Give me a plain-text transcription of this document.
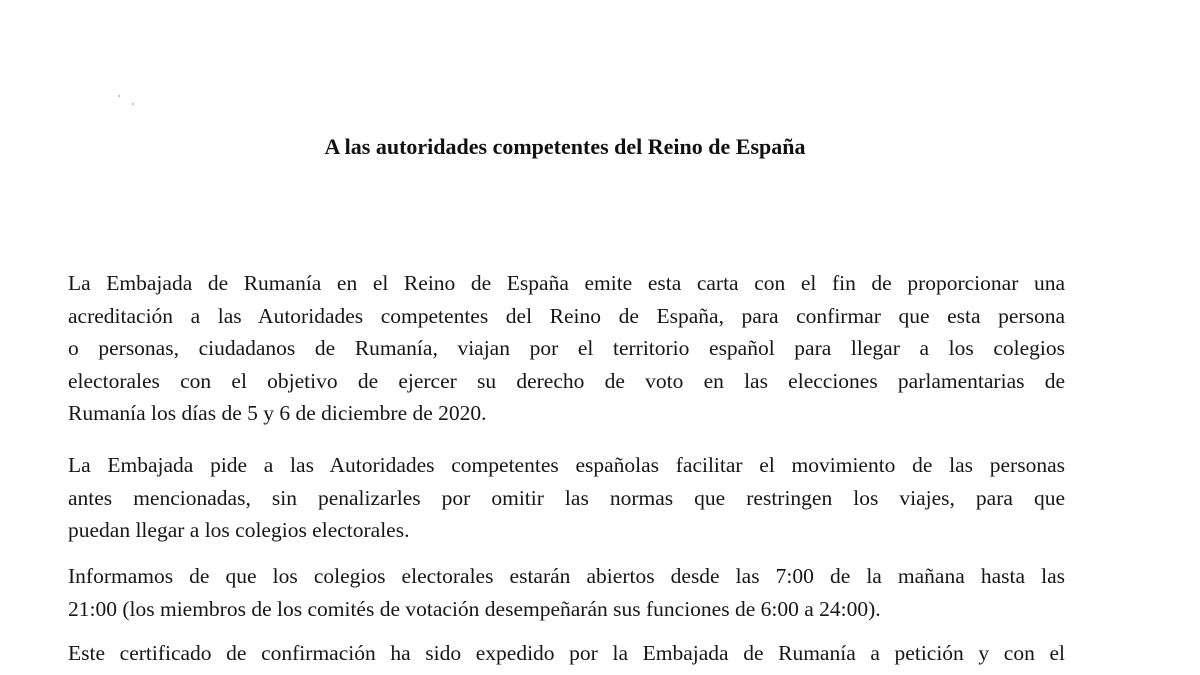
A las autoridades competentes del Reino de España
La Embajada de Rumanía en el Reino de España emite esta carta con el fin de proporcionar una
acreditación a las Autoridades competentes del Reino de España, para confirmar que esta persona
o personas, ciudadanos de Rumanía, viajan por el territorio español para llegar a los colegios
electorales con el objetivo de ejercer su derecho de voto en las elecciones parlamentarias de
Rumanía los días de 5 y 6 de diciembre de 2020.
La Embajada pide a las Autoridades competentes españolas facilitar el movimiento de las personas
antes mencionadas, sin penalizarles por omitir las normas que restringen los viajes, para que
puedan llegar a los colegios electorales.
Informamos de que los colegios electorales estarán abiertos desde las 7:00 de la mañana hasta las
21:00 (los miembros de los comités de votación desempeñarán sus funciones de 6:00 a 24:00).
Este certificado de confirmación ha sido expedido por la Embajada de Rumanía a petición y con el
